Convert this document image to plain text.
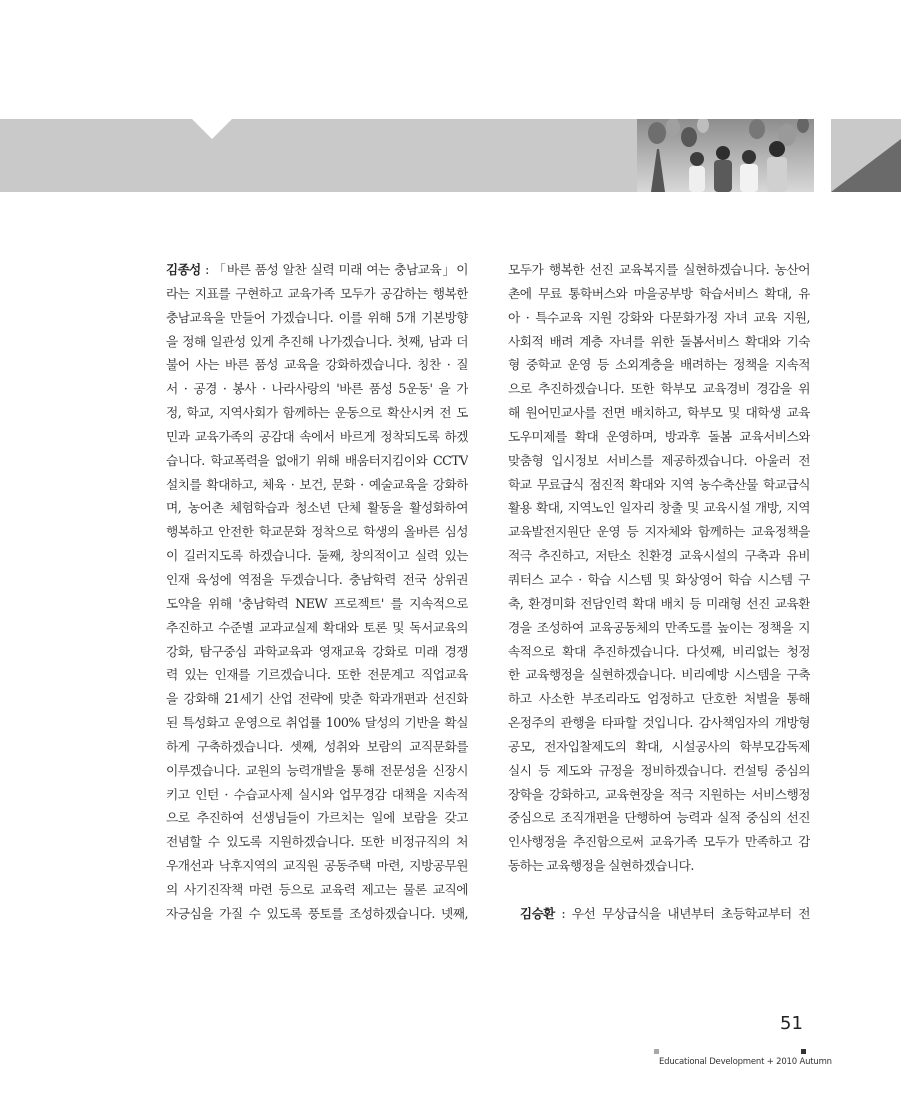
김종성 : 「바른 품성 알찬 실력 미래 여는 충남교육」이
라는 지표를 구현하고 교육가족 모두가 공감하는 행복한
충남교육을 만들어 가겠습니다. 이를 위해 5개 기본방향
을 정해 일관성 있게 추진해 나가겠습니다. 첫째, 남과 더
불어 사는 바른 품성 교육을 강화하겠습니다. 칭찬 · 질
서 · 공경 · 봉사 · 나라사랑의 '바른 품성 5운동' 을 가
정, 학교, 지역사회가 함께하는 운동으로 확산시켜 전 도
민과 교육가족의 공감대 속에서 바르게 정착되도록 하겠
습니다. 학교폭력을 없애기 위해 배움터지킴이와 CCTV
설치를 확대하고, 체육 · 보건, 문화 · 예술교육을 강화하
며, 농어촌 체험학습과 청소년 단체 활동을 활성화하여
행복하고 안전한 학교문화 정착으로 학생의 올바른 심성
이 길러지도록 하겠습니다. 둘째, 창의적이고 실력 있는
인재 육성에 역점을 두겠습니다. 충남학력 전국 상위권
도약을 위해 '충남학력 NEW 프로젝트' 를 지속적으로
추진하고 수준별 교과교실제 확대와 토론 및 독서교육의
강화, 탐구중심 과학교육과 영재교육 강화로 미래 경쟁
력 있는 인재를 기르겠습니다. 또한 전문계고 직업교육
을 강화해 21세기 산업 전략에 맞춘 학과개편과 선진화
된 특성화고 운영으로 취업률 100% 달성의 기반을 확실
하게 구축하겠습니다. 셋째, 성취와 보람의 교직문화를
이루겠습니다. 교원의 능력개발을 통해 전문성을 신장시
키고 인턴 · 수습교사제 실시와 업무경감 대책을 지속적
으로 추진하여 선생님들이 가르치는 일에 보람을 갖고
전념할 수 있도록 지원하겠습니다. 또한 비정규직의 처
우개선과 낙후지역의 교직원 공동주택 마련, 지방공무원
의 사기진작책 마련 등으로 교육력 제고는 물론 교직에
자긍심을 가질 수 있도록 풍토를 조성하겠습니다. 넷째,
모두가 행복한 선진 교육복지를 실현하겠습니다. 농산어
촌에 무료 통학버스와 마을공부방 학습서비스 확대, 유
아 · 특수교육 지원 강화와 다문화가정 자녀 교육 지원,
사회적 배려 계층 자녀를 위한 돌봄서비스 확대와 기숙
형 중학교 운영 등 소외계층을 배려하는 정책을 지속적
으로 추진하겠습니다. 또한 학부모 교육경비 경감을 위
해 원어민교사를 전면 배치하고, 학부모 및 대학생 교육
도우미제를 확대 운영하며, 방과후 돌봄 교육서비스와
맞춤형 입시정보 서비스를 제공하겠습니다. 아울러 전
학교 무료급식 점진적 확대와 지역 농수축산물 학교급식
활용 확대, 지역노인 일자리 창출 및 교육시설 개방, 지역
교육발전지원단 운영 등 지자체와 함께하는 교육정책을
적극 추진하고, 저탄소 친환경 교육시설의 구축과 유비
쿼터스 교수 · 학습 시스템 및 화상영어 학습 시스템 구
축, 환경미화 전담인력 확대 배치 등 미래형 선진 교육환
경을 조성하여 교육공동체의 만족도를 높이는 정책을 지
속적으로 확대 추진하겠습니다. 다섯째, 비리없는 청정
한 교육행정을 실현하겠습니다. 비리예방 시스템을 구축
하고 사소한 부조리라도 엄정하고 단호한 처벌을 통해
온정주의 관행을 타파할 것입니다. 감사책임자의 개방형
공모, 전자입찰제도의 확대, 시설공사의 학부모감독제
실시 등 제도와 규정을 정비하겠습니다. 컨설팅 중심의
장학을 강화하고, 교육현장을 적극 지원하는 서비스행정
중심으로 조직개편을 단행하여 능력과 실적 중심의 선진
인사행정을 추진함으로써 교육가족 모두가 만족하고 감
동하는 교육행정을 실현하겠습니다.
김승환 : 우선 무상급식을 내년부터 초등학교부터 전
51
Educational Development + 2010 Autumn
